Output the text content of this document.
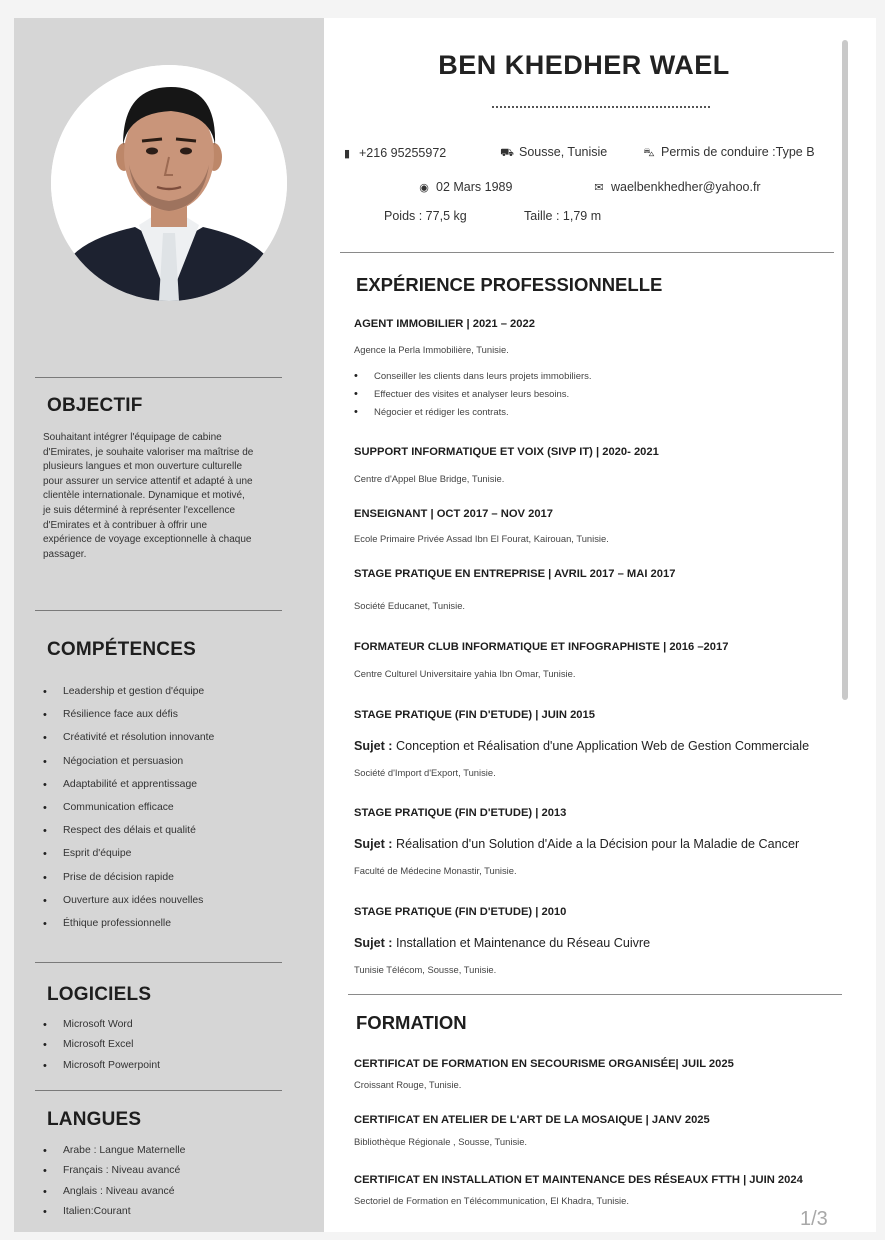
OBJECTIF
Souhaitant intégrer l'équipage de cabine
d'Emirates, je souhaite valoriser ma maîtrise de
plusieurs langues et mon ouverture culturelle
pour assurer un service attentif et adapté à une
clientèle internationale. Dynamique et motivé,
je suis déterminé à représenter l'excellence
d'Emirates et à contribuer à offrir une
expérience de voyage exceptionnelle à chaque
passager.
COMPÉTENCES
• Leadership et gestion d'équipe
• Résilience face aux défis
• Créativité et résolution innovante
• Négociation et persuasion
• Adaptabilité et apprentissage
• Communication efficace
• Respect des délais et qualité
• Esprit d'équipe
• Prise de décision rapide
• Ouverture aux idées nouvelles
• Éthique professionnelle
LOGICIELS
• Microsoft Word
• Microsoft Excel
• Microsoft Powerpoint
LANGUES
• Arabe : Langue Maternelle
• Français : Niveau avancé
• Anglais : Niveau avancé
• Italien:Courant
BEN KHEDHER WAEL
▮ +216 95255972	⛟ Sousse, Tunisie	⛍ Permis de conduire :Type B
◉ 02 Mars 1989	✉ waelbenkhedher@yahoo.fr
Poids : 77,5 kg	Taille : 1,79 m
EXPÉRIENCE PROFESSIONNELLE

AGENT IMMOBILIER | 2021 – 2022

Agence la Perla Immobilière, Tunisie.

• Conseiller les clients dans leurs projets immobiliers.
• Effectuer des visites et analyser leurs besoins.
• Négocier et rédiger les contrats.

SUPPORT INFORMATIQUE ET VOIX (SIVP IT) | 2020- 2021

Centre d'Appel Blue Bridge, Tunisie.

ENSEIGNANT | OCT 2017 – NOV 2017

Ecole Primaire Privée Assad Ibn El Fourat, Kairouan, Tunisie.

STAGE PRATIQUE EN ENTREPRISE | AVRIL 2017 – MAI 2017

Société Educanet, Tunisie.

FORMATEUR CLUB INFORMATIQUE ET INFOGRAPHISTE | 2016 –2017

Centre Culturel Universitaire yahia Ibn Omar, Tunisie.

STAGE PRATIQUE (FIN D'ETUDE) | JUIN 2015

Sujet : Conception et Réalisation d'une Application Web de Gestion Commerciale

Société d'Import d'Export, Tunisie.

STAGE PRATIQUE (FIN D'ETUDE) | 2013

Sujet : Réalisation d'un Solution d'Aide a la Décision pour la Maladie de Cancer

Faculté de Médecine Monastir, Tunisie.

STAGE PRATIQUE (FIN D'ETUDE) | 2010

Sujet : Installation et Maintenance du Réseau Cuivre

Tunisie Télécom, Sousse, Tunisie.

FORMATION

CERTIFICAT DE FORMATION EN SECOURISME ORGANISÉE| JUIL 2025

Croissant Rouge, Tunisie.

CERTIFICAT EN ATELIER DE L'ART DE LA MOSAIQUE | JANV 2025

Bibliothèque Régionale , Sousse, Tunisie.

CERTIFICAT EN INSTALLATION ET MAINTENANCE DES RÉSEAUX FTTH | JUIN 2024

Sectoriel de Formation en Télécommunication, El Khadra, Tunisie.

1/3
